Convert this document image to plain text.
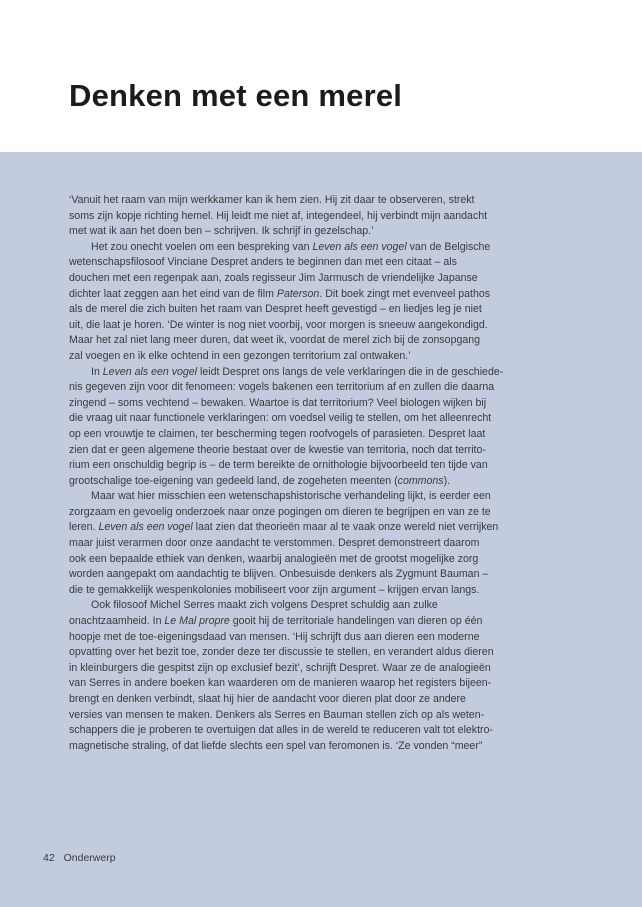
Denken met een merel
‘Vanuit het raam van mijn werkkamer kan ik hem zien. Hij zit daar te observeren, strekt
soms zijn kopje richting hemel. Hij leidt me niet af, integendeel, hij verbindt mijn aandacht
met wat ik aan het doen ben – schrijven. Ik schrijf in gezelschap.’
Het zou onecht voelen om een bespreking van Leven als een vogel van de Belgische
wetenschapsfilosoof Vinciane Despret anders te beginnen dan met een citaat – als
douchen met een regenpak aan, zoals regisseur Jim Jarmusch de vriendelijke Japanse
dichter laat zeggen aan het eind van de film Paterson. Dit boek zingt met evenveel pathos
als de merel die zich buiten het raam van Despret heeft gevestigd – en liedjes leg je niet
uit, die laat je horen. ‘De winter is nog niet voorbij, voor morgen is sneeuw aangekondigd.
Maar het zal niet lang meer duren, dat weet ik, voordat de merel zich bij de zonsopgang
zal voegen en ik elke ochtend in een gezongen territorium zal ontwaken.’
In Leven als een vogel leidt Despret ons langs de vele verklaringen die in de geschiede-
nis gegeven zijn voor dit fenomeen: vogels bakenen een territorium af en zullen die daarna
zingend – soms vechtend – bewaken. Waartoe is dat territorium? Veel biologen wijken bij
die vraag uit naar functionele verklaringen: om voedsel veilig te stellen, om het alleenrecht
op een vrouwtje te claimen, ter bescherming tegen roofvogels of parasieten. Despret laat
zien dat er geen algemene theorie bestaat over de kwestie van territoria, noch dat territo-
rium een onschuldig begrip is – de term bereikte de ornithologie bijvoorbeeld ten tijde van
grootschalige toe-eigening van gedeeld land, de zogeheten meenten (commons).
Maar wat hier misschien een wetenschapshistorische verhandeling lijkt, is eerder een
zorgzaam en gevoelig onderzoek naar onze pogingen om dieren te begrijpen en van ze te
leren. Leven als een vogel laat zien dat theorieën maar al te vaak onze wereld niet verrijken
maar juist verarmen door onze aandacht te verstommen. Despret demonstreert daarom
ook een bepaalde ethiek van denken, waarbij analogieën met de grootst mogelijke zorg
worden aangepakt om aandachtig te blijven. Onbesuisde denkers als Zygmunt Bauman –
die te gemakkelijk wespenkolonies mobiliseert voor zijn argument – krijgen ervan langs.
Ook filosoof Michel Serres maakt zich volgens Despret schuldig aan zulke
onachtzaamheid. In Le Mal propre gooit hij de territoriale handelingen van dieren op één
hoopje met de toe-eigeningsdaad van mensen. ‘Hij schrijft dus aan dieren een moderne
opvatting over het bezit toe, zonder deze ter discussie te stellen, en verandert aldus dieren
in kleinburgers die gespitst zijn op exclusief bezit’, schrijft Despret. Waar ze de analogieën
van Serres in andere boeken kan waarderen om de manieren waarop het registers bijeen-
brengt en denken verbindt, slaat hij hier de aandacht voor dieren plat door ze andere
versies van mensen te maken. Denkers als Serres en Bauman stellen zich op als weten-
schappers die je proberen te overtuigen dat alles in de wereld te reduceren valt tot elektro-
magnetische straling, of dat liefde slechts een spel van feromonen is. ‘Ze vonden “meer”
42 Onderwerp
